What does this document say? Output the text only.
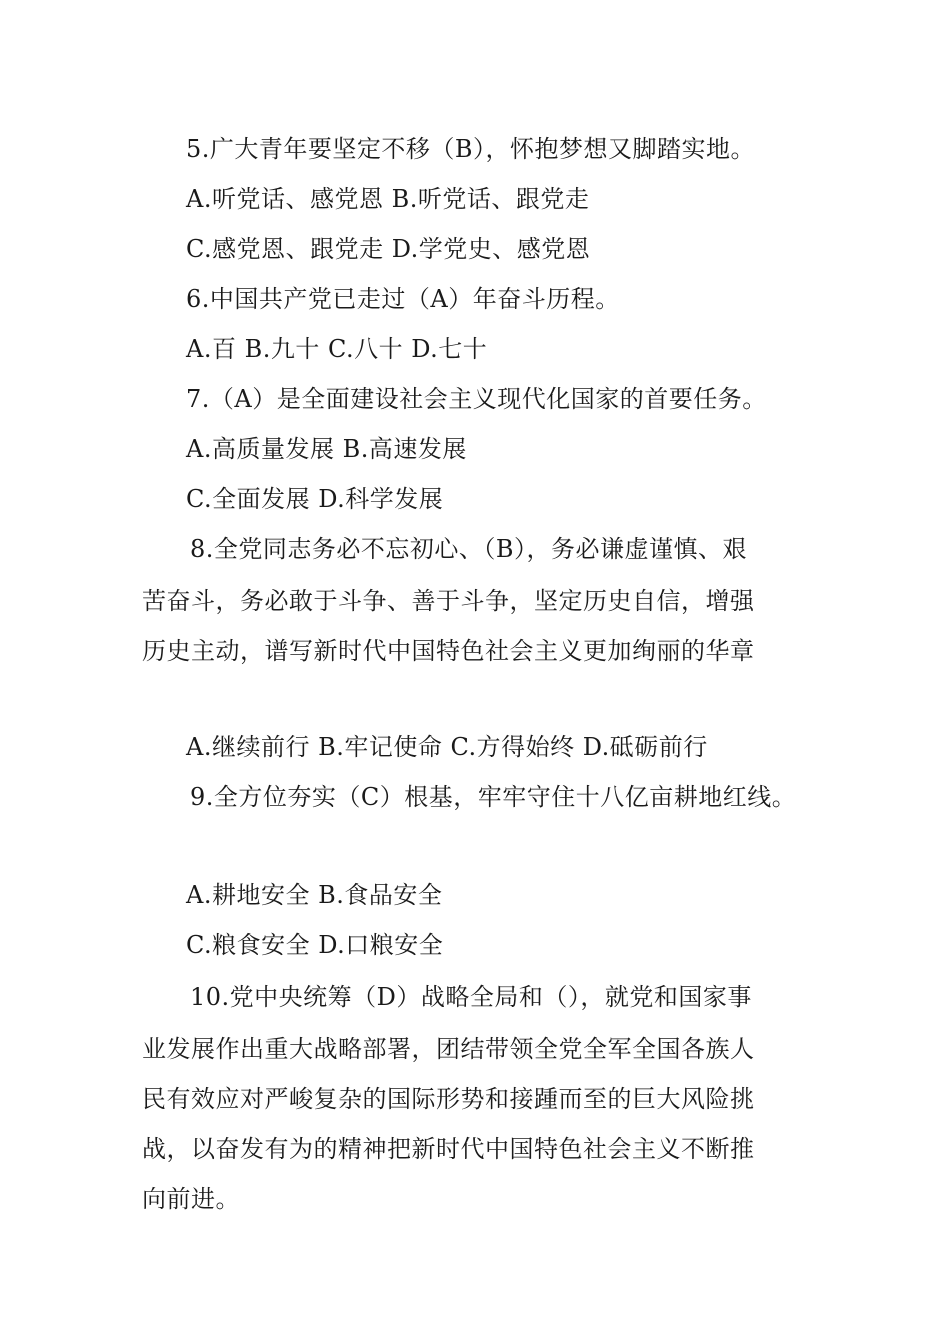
5.广大青年要坚定不移（B），怀抱梦想又脚踏实地。
A.听党话、感党恩 B.听党话、跟党走
C.感党恩、跟党走 D.学党史、感党恩
6.中国共产党已走过（A）年奋斗历程。
A.百 B.九十 C.八十 D.七十
7.（A）是全面建设社会主义现代化国家的首要任务。
A.高质量发展 B.高速发展
C.全面发展 D.科学发展
8.全党同志务必不忘初心、（B），务必谦虚谨慎、艰
苦奋斗，务必敢于斗争、善于斗争，坚定历史自信，增强
历史主动，谱写新时代中国特色社会主义更加绚丽的华章
A.继续前行 B.牢记使命 C.方得始终 D.砥砺前行
9.全方位夯实（C）根基，牢牢守住十八亿亩耕地红线。
A.耕地安全 B.食品安全
C.粮食安全 D.口粮安全
10.党中央统筹（D）战略全局和（），就党和国家事
业发展作出重大战略部署，团结带领全党全军全国各族人
民有效应对严峻复杂的国际形势和接踵而至的巨大风险挑
战，以奋发有为的精神把新时代中国特色社会主义不断推
向前进。
